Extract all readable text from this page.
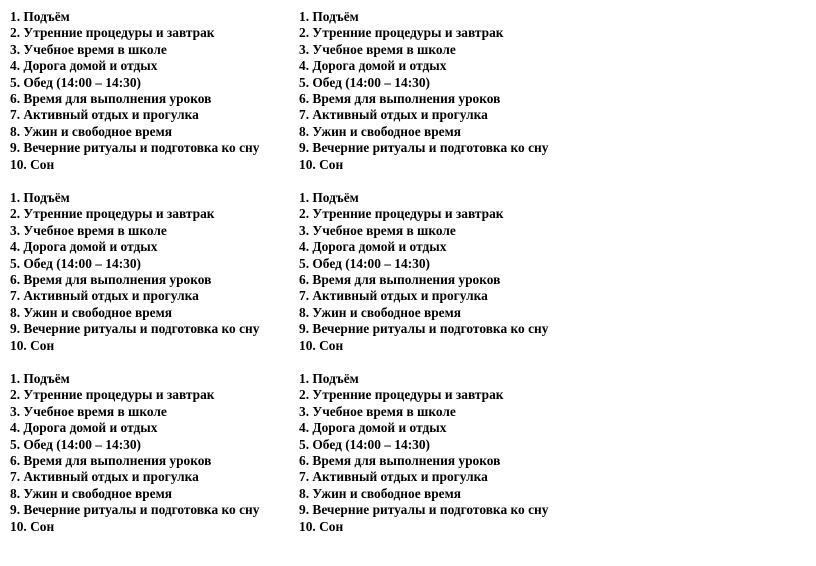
1. Подъём
2. Утренние процедуры и завтрак
3. Учебное время в школе
4. Дорога домой и отдых
5. Обед (14:00 – 14:30)
6. Время для выполнения уроков
7. Активный отдых и прогулка
8. Ужин и свободное время
9. Вечерние ритуалы и подготовка ко сну
10. Сон
1. Подъём
2. Утренние процедуры и завтрак
3. Учебное время в школе
4. Дорога домой и отдых
5. Обед (14:00 – 14:30)
6. Время для выполнения уроков
7. Активный отдых и прогулка
8. Ужин и свободное время
9. Вечерние ритуалы и подготовка ко сну
10. Сон
1. Подъём
2. Утренние процедуры и завтрак
3. Учебное время в школе
4. Дорога домой и отдых
5. Обед (14:00 – 14:30)
6. Время для выполнения уроков
7. Активный отдых и прогулка
8. Ужин и свободное время
9. Вечерние ритуалы и подготовка ко сну
10. Сон
1. Подъём
2. Утренние процедуры и завтрак
3. Учебное время в школе
4. Дорога домой и отдых
5. Обед (14:00 – 14:30)
6. Время для выполнения уроков
7. Активный отдых и прогулка
8. Ужин и свободное время
9. Вечерние ритуалы и подготовка ко сну
10. Сон
1. Подъём
2. Утренние процедуры и завтрак
3. Учебное время в школе
4. Дорога домой и отдых
5. Обед (14:00 – 14:30)
6. Время для выполнения уроков
7. Активный отдых и прогулка
8. Ужин и свободное время
9. Вечерние ритуалы и подготовка ко сну
10. Сон
1. Подъём
2. Утренние процедуры и завтрак
3. Учебное время в школе
4. Дорога домой и отдых
5. Обед (14:00 – 14:30)
6. Время для выполнения уроков
7. Активный отдых и прогулка
8. Ужин и свободное время
9. Вечерние ритуалы и подготовка ко сну
10. Сон
